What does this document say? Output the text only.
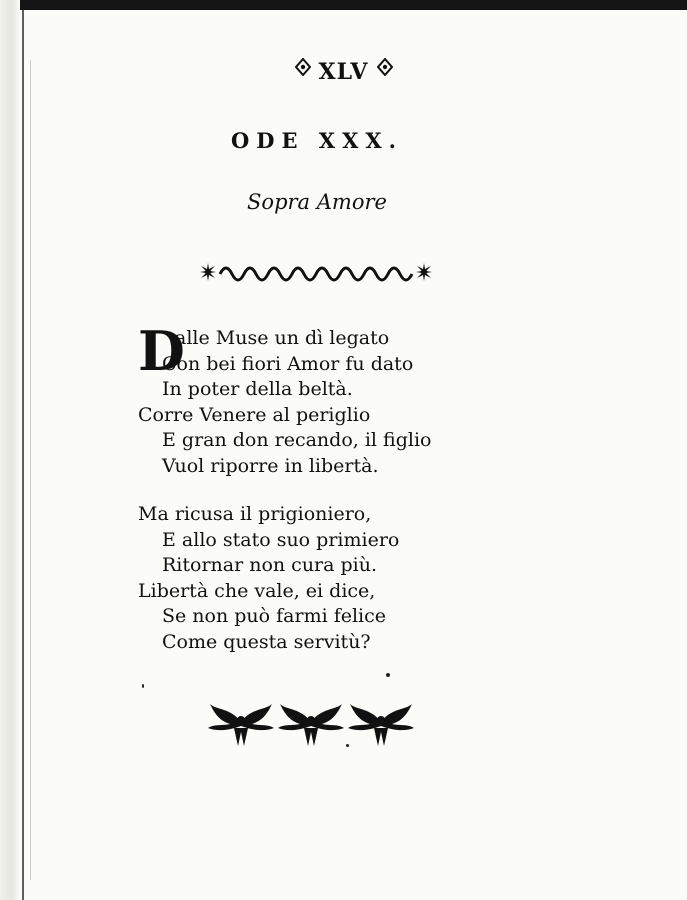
XLV
ODE XXX.
Sopra Amore
D
alle Muse un dì legato
Con bei fiori Amor fu dato
In poter della beltà.
Corre Venere al periglio
E gran don recando, il figlio
Vuol riporre in libertà.
Ma ricusa il prigioniero,
E allo stato suo primiero
Ritornar non cura più.
Libertà che vale, ei dice,
Se non può farmi felice
Come questa servitù?
